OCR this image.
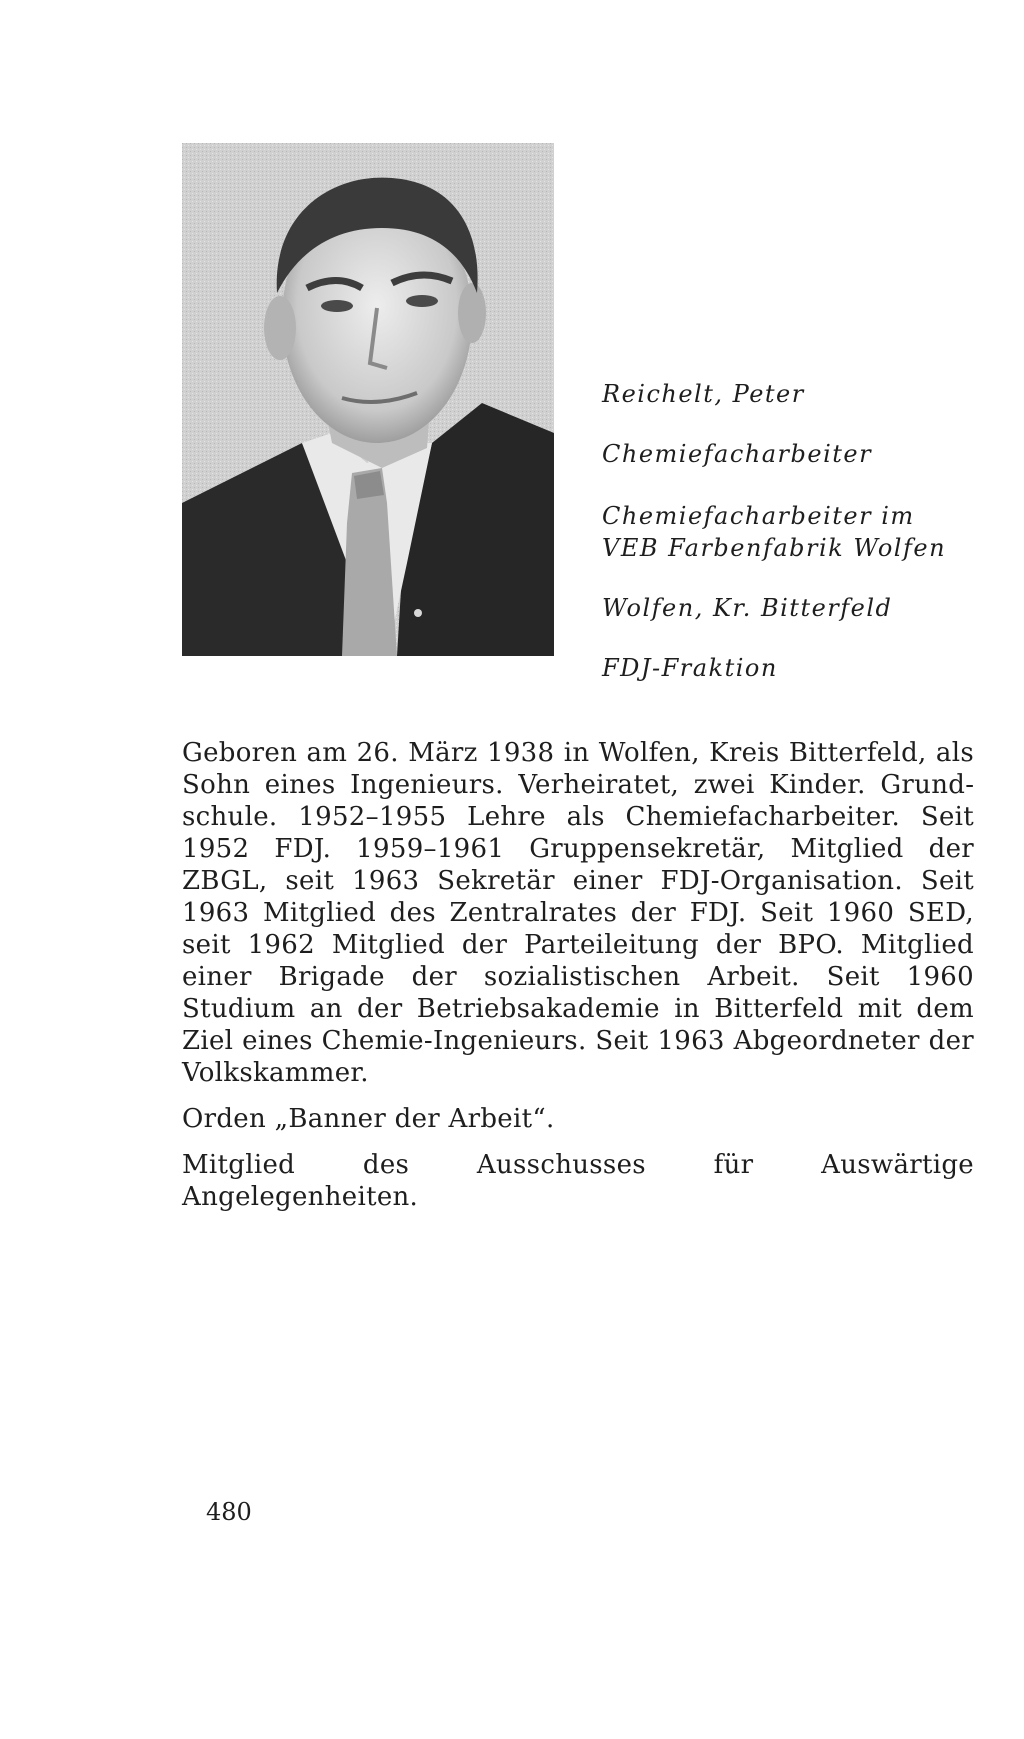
Reichelt, Peter
Chemiefacharbeiter
Chemiefacharbeiter im
VEB Farbenfabrik Wolfen
Wolfen, Kr. Bitterfeld
FDJ-Fraktion

Geboren am 26. März 1938 in Wolfen, Kreis Bitterfeld, als Sohn eines Ingenieurs. Verheiratet, zwei Kinder. Grundschule. 1952–1955 Lehre als Chemiefacharbeiter. Seit 1952 FDJ. 1959–1961 Gruppensekretär, Mitglied der ZBGL, seit 1963 Sekretär einer FDJ-Organisation. Seit 1963 Mitglied des Zentralrates der FDJ. Seit 1960 SED, seit 1962 Mitglied der Parteileitung der BPO. Mitglied einer Brigade der sozialistischen Arbeit. Seit 1960 Studium an der Betriebsakademie in Bitterfeld mit dem Ziel eines Chemie-Ingenieurs. Seit 1963 Abgeordneter der Volkskammer.

Orden „Banner der Arbeit“.

Mitglied des Ausschusses für Auswärtige Angelegenheiten.

480
